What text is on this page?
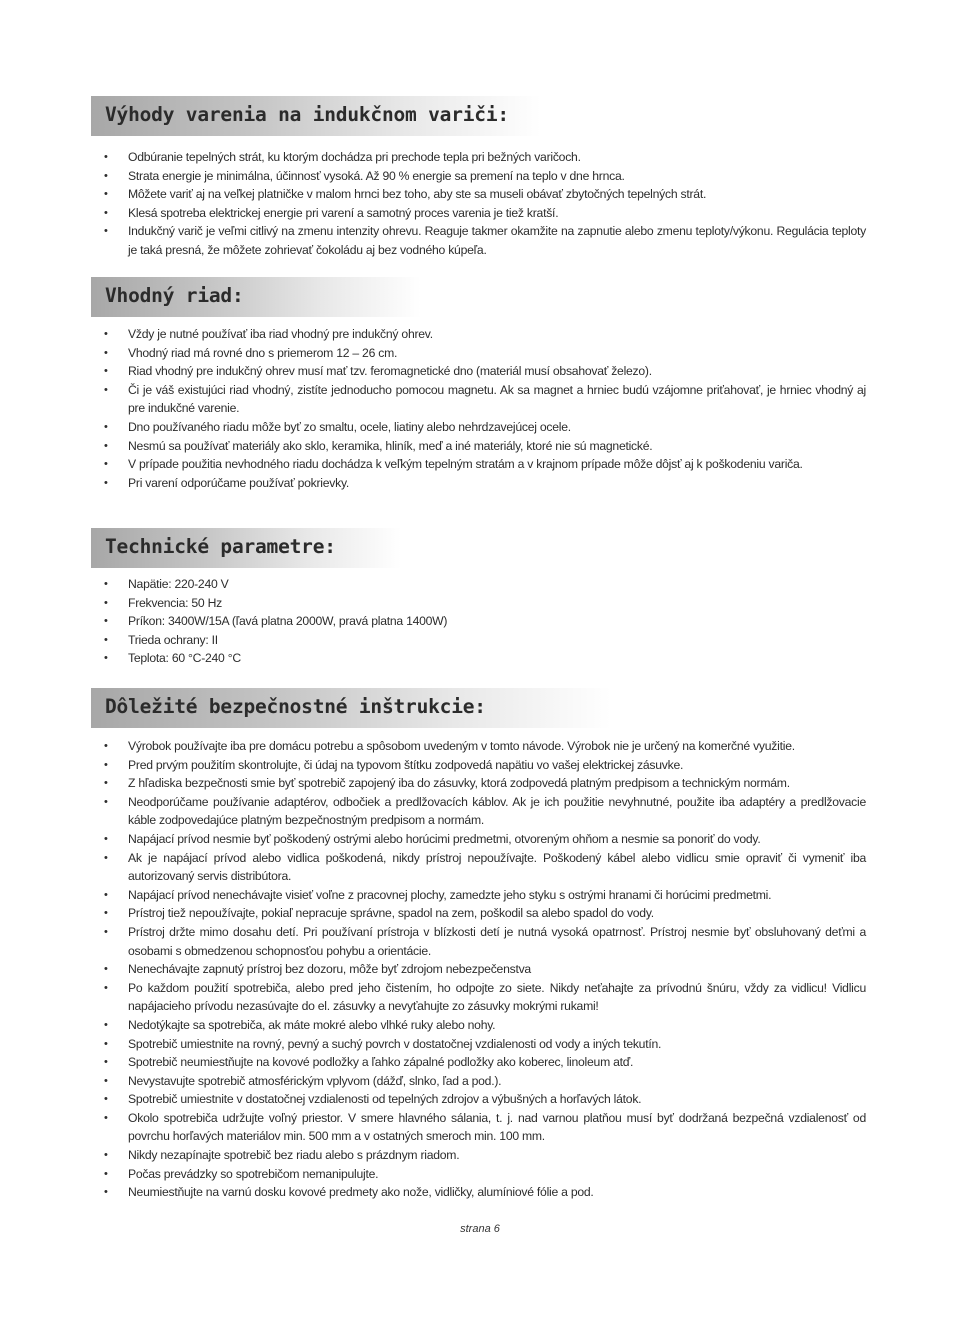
Výhody varenia na indukčnom variči:
• Odbúranie tepelných strát, ku ktorým dochádza pri prechode tepla pri bežných varičoch.
• Strata energie je minimálna, účinnosť vysoká. Až 90 % energie sa premení na teplo v dne hrnca.
• Môžete variť aj na veľkej platničke v malom hrnci bez toho, aby ste sa museli obávať zbytočných tepelných strát.
• Klesá spotreba elektrickej energie pri varení a samotný proces varenia je tiež kratší.
• Indukčný varič je veľmi citlivý na zmenu intenzity ohrevu. Reaguje takmer okamžite na zapnutie alebo zmenu teploty/výkonu. Regulácia teploty je taká presná, že môžete zohrievať čokoládu aj bez vodného kúpeľa.
Vhodný riad:
• Vždy je nutné používať iba riad vhodný pre indukčný ohrev.
• Vhodný riad má rovné dno s priemerom 12 – 26 cm.
• Riad vhodný pre indukčný ohrev musí mať tzv. feromagnetické dno (materiál musí obsahovať železo).
• Či je váš existujúci riad vhodný, zistíte jednoducho pomocou magnetu. Ak sa magnet a hrniec budú vzájomne priťahovať, je hrniec vhodný aj pre indukčné varenie.
• Dno používaného riadu môže byť zo smaltu, ocele, liatiny alebo nehrdzavejúcej ocele.
• Nesmú sa používať materiály ako sklo, keramika, hliník, meď a iné materiály, ktoré nie sú magnetické.
• V prípade použitia nevhodného riadu dochádza k veľkým tepelným stratám a v krajnom prípade môže dôjsť aj k poškodeniu variča.
• Pri varení odporúčame používať pokrievky.
Technické parametre:
• Napätie: 220-240 V
• Frekvencia: 50 Hz
• Príkon: 3400W/15A (ľavá platna 2000W, pravá platna 1400W)
• Trieda ochrany: II
• Teplota: 60 °C-240 °C
Dôležité bezpečnostné inštrukcie:
• Výrobok používajte iba pre domácu potrebu a spôsobom uvedeným v tomto návode. Výrobok nie je určený na komerčné využitie.
• Pred prvým použitím skontrolujte, či údaj na typovom štítku zodpovedá napätiu vo vašej elektrickej zásuvke.
• Z hľadiska bezpečnosti smie byť spotrebič zapojený iba do zásuvky, ktorá zodpovedá platným predpisom a technickým normám.
• Neodporúčame používanie adaptérov, odbočiek a predlžovacích káblov. Ak je ich použitie nevyhnutné, použite iba adaptéry a predlžovacie káble zodpovedajúce platným bezpečnostným predpisom a normám.
• Napájací prívod nesmie byť poškodený ostrými alebo horúcimi predmetmi, otvoreným ohňom a nesmie sa ponoriť do vody.
• Ak je napájací prívod alebo vidlica poškodená, nikdy prístroj nepoužívajte. Poškodený kábel alebo vidlicu smie opraviť či vymeniť iba autorizovaný servis distribútora.
• Napájací prívod nenechávajte visieť voľne z pracovnej plochy, zamedzte jeho styku s ostrými hranami či horúcimi predmetmi.
• Prístroj tiež nepoužívajte, pokiaľ nepracuje správne, spadol na zem, poškodil sa alebo spadol do vody.
• Prístroj držte mimo dosahu detí. Pri používaní prístroja v blízkosti detí je nutná vysoká opatrnosť. Prístroj nesmie byť obsluhovaný deťmi a osobami s obmedzenou schopnosťou pohybu a orientácie.
• Nenechávajte zapnutý prístroj bez dozoru, môže byť zdrojom nebezpečenstva
• Po každom použití spotrebiča, alebo pred jeho čistením, ho odpojte zo siete. Nikdy neťahajte za prívodnú šnúru, vždy za vidlicu! Vidlicu napájacieho prívodu nezasúvajte do el. zásuvky a nevyťahujte zo zásuvky mokrými rukami!
• Nedotýkajte sa spotrebiča, ak máte mokré alebo vlhké ruky alebo nohy.
• Spotrebič umiestnite na rovný, pevný a suchý povrch v dostatočnej vzdialenosti od vody a iných tekutín.
• Spotrebič neumiestňujte na kovové podložky a ľahko zápalné podložky ako koberec, linoleum atď.
• Nevystavujte spotrebič atmosférickým vplyvom (dážď, slnko, ľad a pod.).
• Spotrebič umiestnite v dostatočnej vzdialenosti od tepelných zdrojov a výbušných a horľavých látok.
• Okolo spotrebiča udržujte voľný priestor. V smere hlavného sálania, t. j. nad varnou platňou musí byť dodržaná bezpečná vzdialenosť od povrchu horľavých materiálov min. 500 mm a v ostatných smeroch min. 100 mm.
• Nikdy nezapínajte spotrebič bez riadu alebo s prázdnym riadom.
• Počas prevádzky so spotrebičom nemanipulujte.
• Neumiestňujte na varnú dosku kovové predmety ako nože, vidličky, alumíniové fólie a pod.
strana 6
